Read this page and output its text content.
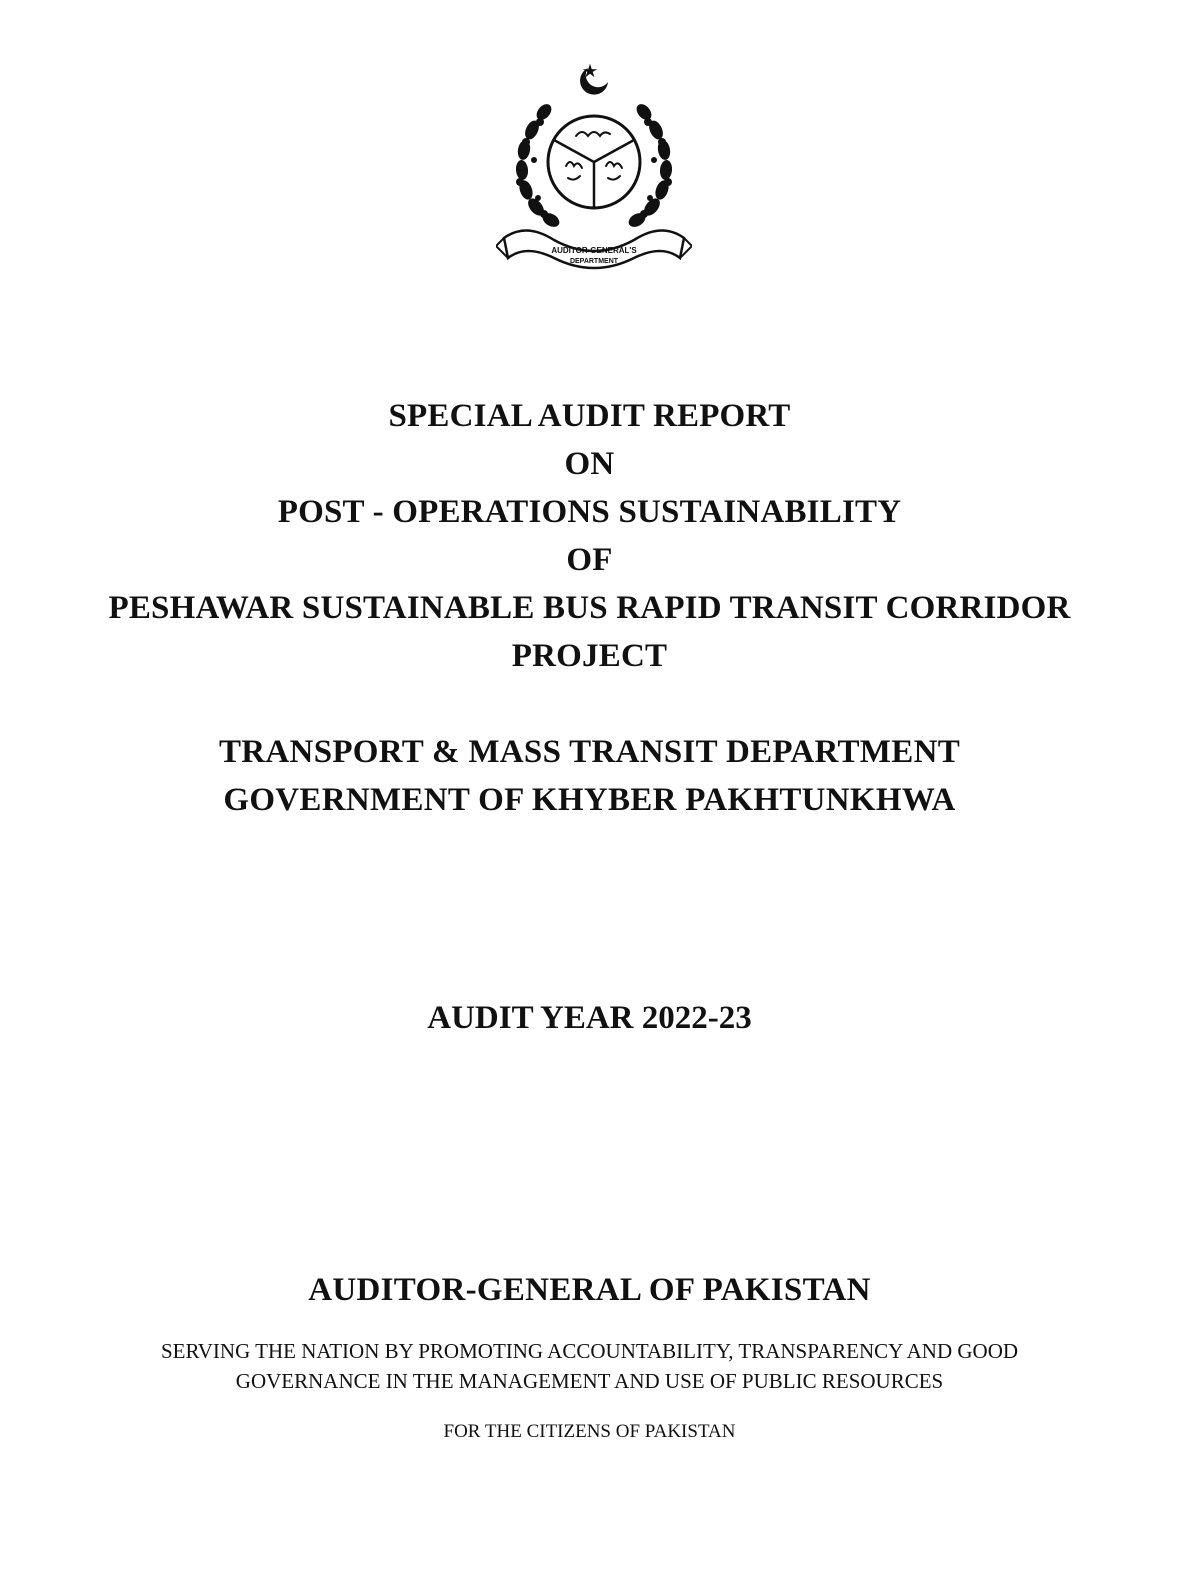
AUDITOR-GENERAL'S
DEPARTMENT
SPECIAL AUDIT REPORT
ON
POST - OPERATIONS SUSTAINABILITY
OF
PESHAWAR SUSTAINABLE BUS RAPID TRANSIT CORRIDOR
PROJECT
TRANSPORT & MASS TRANSIT DEPARTMENT
GOVERNMENT OF KHYBER PAKHTUNKHWA
AUDIT YEAR 2022-23
AUDITOR-GENERAL OF PAKISTAN
SERVING THE NATION BY PROMOTING ACCOUNTABILITY, TRANSPARENCY AND GOOD
GOVERNANCE IN THE MANAGEMENT AND USE OF PUBLIC RESOURCES
FOR THE CITIZENS OF PAKISTAN
